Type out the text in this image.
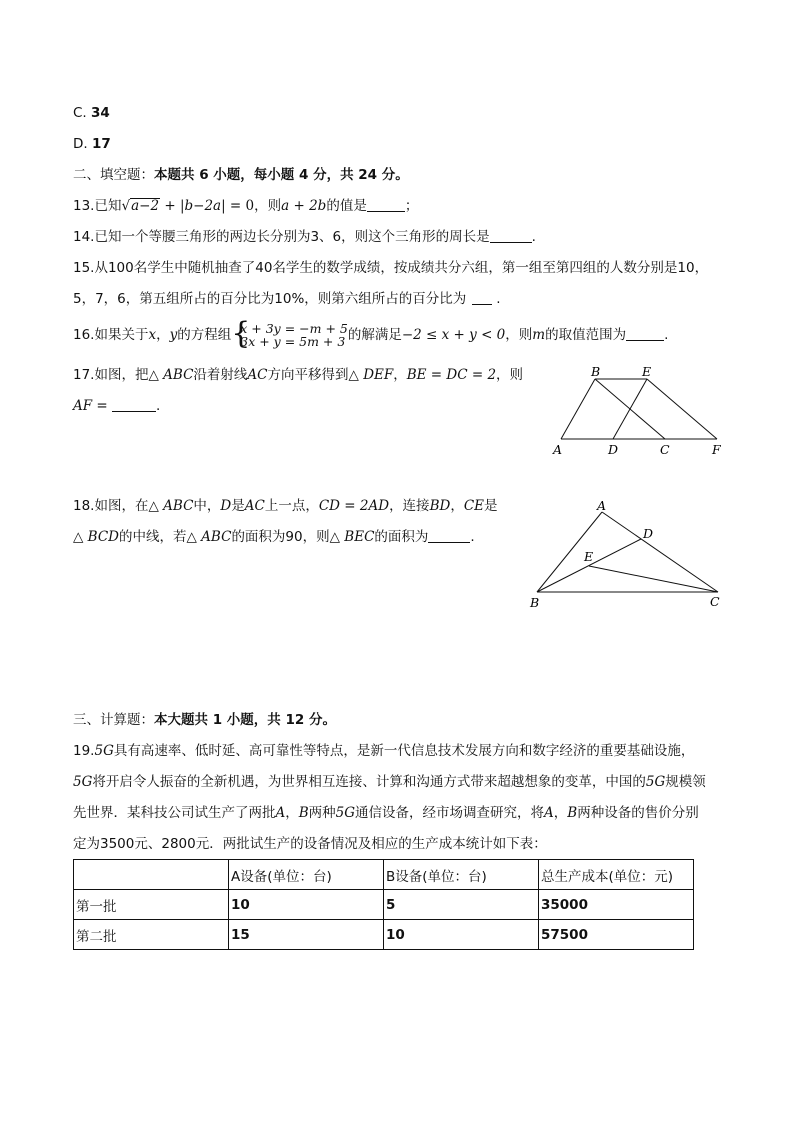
C. 34
D. 17
二、填空题：本题共 6 小题，每小题 4 分，共 24 分。
13.已知√a−2 + |b−2a| = 0，则a + 2b的值是	；
14.已知一个等腰三角形的两边长分别为3、6，则这个三角形的周长是	.
15.从100名学生中随机抽查了40名学生的数学成绩，按成绩共分六组，第一组至第四组的人数分别是10，
5，7，6，第五组所占的百分比为10%，则第六组所占的百分比为 .
16.如果关于x，y的方程组 {
x + 3y = −m + 5
3x + y = 5m + 3 的解满足−2 ≤ x + y < 0，则m的取值范围为	.
17.如图，把△ ABC沿着射线AC方向平移得到△ DEF，BE = DC = 2，则
AF =	.
B	E
A	D	C	F
18.如图，在△ ABC中，D是AC上一点，CD = 2AD，连接BD，CE是
△ BCD的中线，若△ ABC的面积为90，则△ BEC的面积为	.
A
D
E
B	C
三、计算题：本大题共 1 小题，共 12 分。
19.5G具有高速率、低时延、高可靠性等特点，是新一代信息技术发展方向和数字经济的重要基础设施，
5G将开启令人振奋的全新机遇，为世界相互连接、计算和沟通方式带来超越想象的变革，中国的5G规模领
先世界．某科技公司试生产了两批A，B两种5G通信设备，经市场调查研究，将A，B两种设备的售价分别
定为3500元、2800元．两批试生产的设备情况及相应的生产成本统计如下表：
	A设备(单位：台)	B设备(单位：台)	总生产成本(单位：元)
第一批	10	5	35000
第二批	15	10	57500
